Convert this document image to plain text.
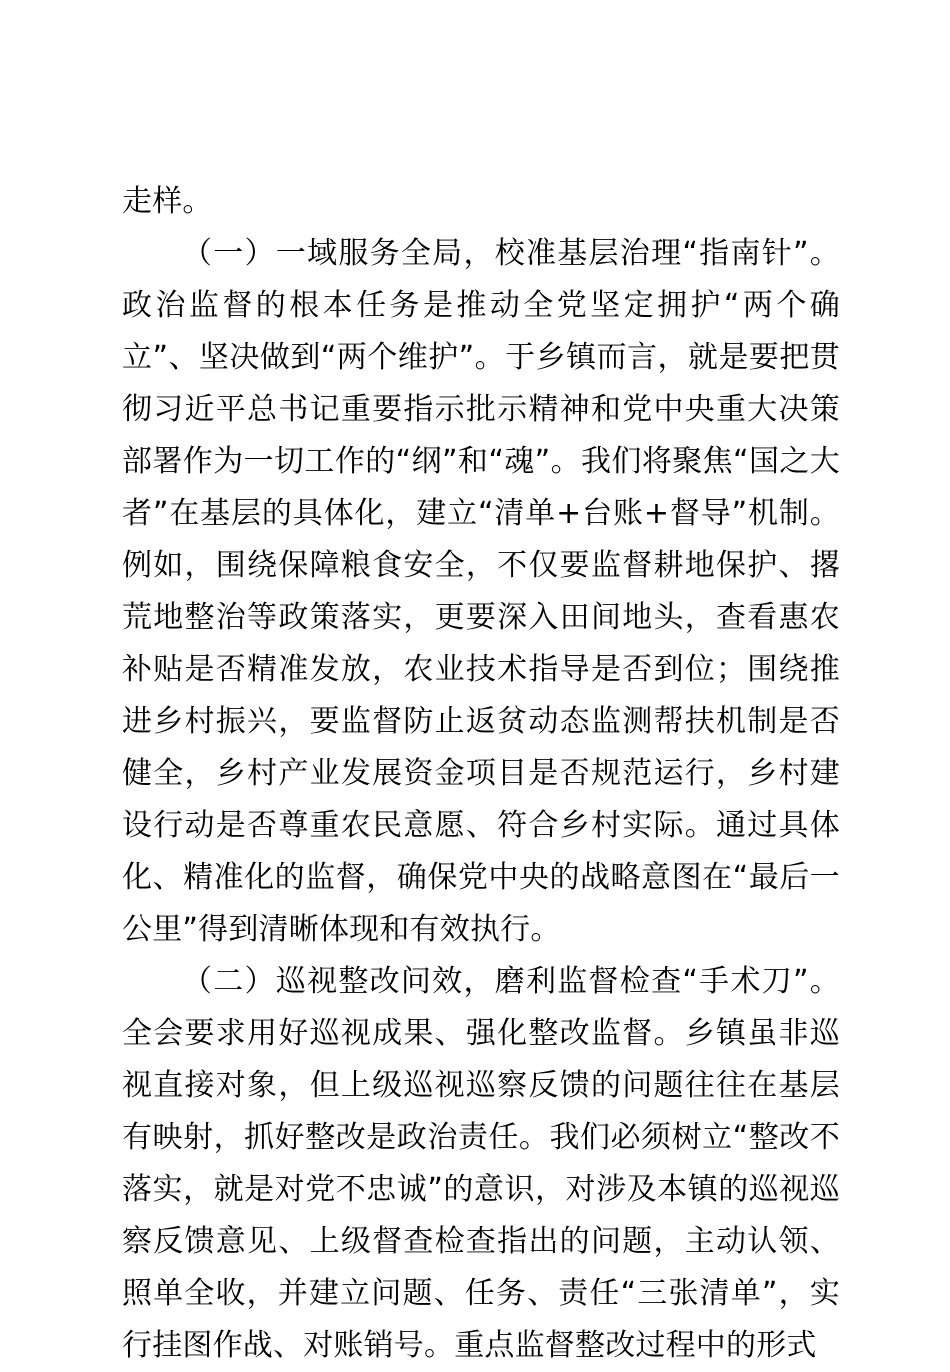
走样。

（一）一域服务全局，校准基层治理“指南针”。政治监督的根本任务是推动全党坚定拥护“两个确立”、坚决做到“两个维护”。于乡镇而言，就是要把贯彻习近平总书记重要指示批示精神和党中央重大决策部署作为一切工作的“纲”和“魂”。我们将聚焦“国之大者”在基层的具体化，建立“清单+台账+督导”机制。例如，围绕保障粮食安全，不仅要监督耕地保护、撂荒地整治等政策落实，更要深入田间地头，查看惠农补贴是否精准发放，农业技术指导是否到位；围绕推进乡村振兴，要监督防止返贫动态监测帮扶机制是否健全，乡村产业发展资金项目是否规范运行，乡村建设行动是否尊重农民意愿、符合乡村实际。通过具体化、精准化的监督，确保党中央的战略意图在“最后一公里”得到清晰体现和有效执行。

（二）巡视整改问效，磨利监督检查“手术刀”。全会要求用好巡视成果、强化整改监督。乡镇虽非巡视直接对象，但上级巡视巡察反馈的问题往往在基层有映射，抓好整改是政治责任。我们必须树立“整改不落实，就是对党不忠诚”的意识，对涉及本镇的巡视巡察反馈意见、上级督查检查指出的问题，主动认领、照单全收，并建立问题、任务、责任“三张清单”，实行挂图作战、对账销号。重点监督整改过程中的形式
